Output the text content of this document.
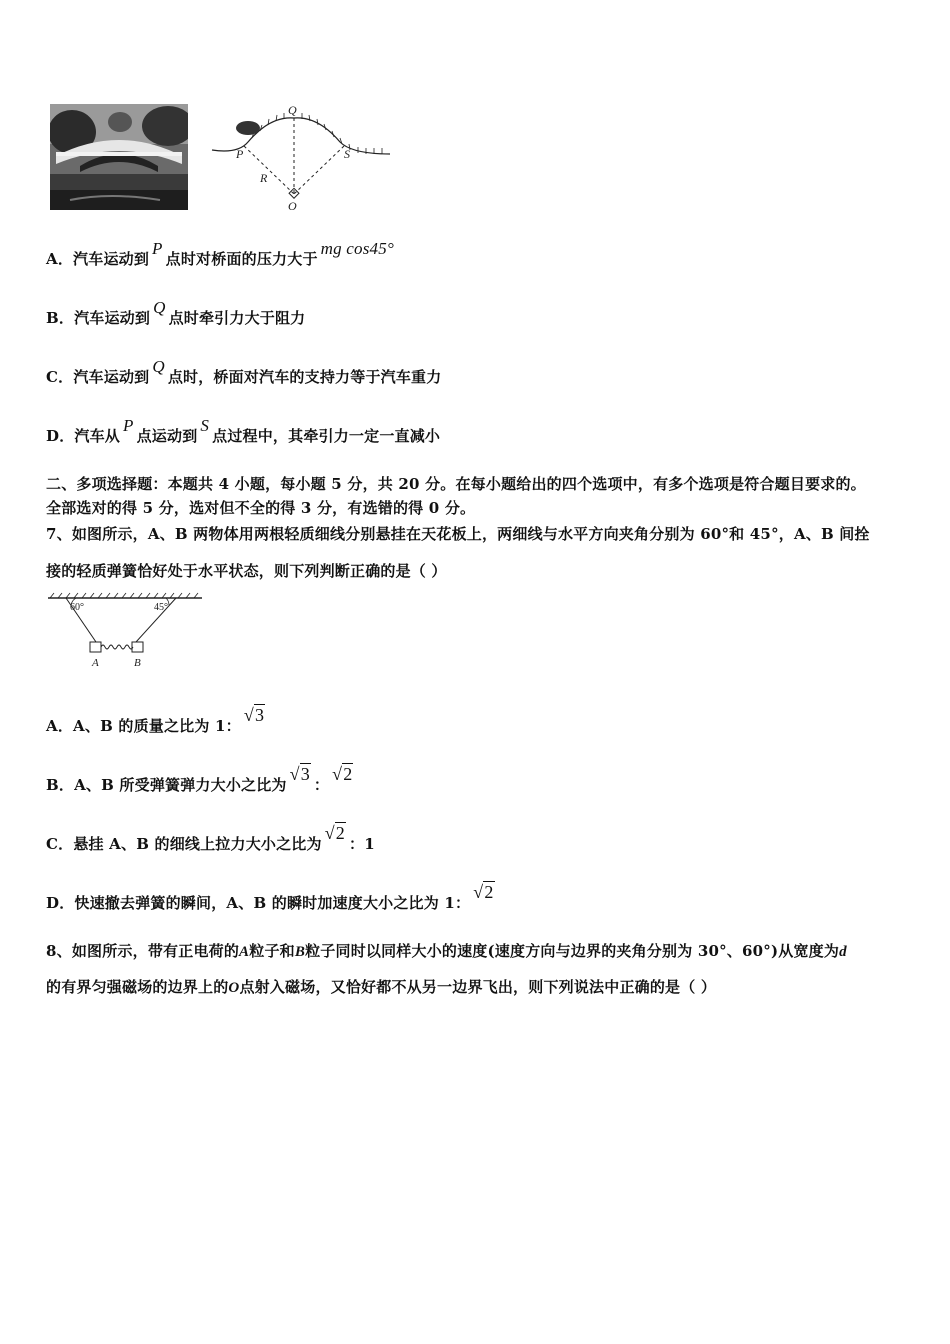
Q
P	S
R
O
A．汽车运动到P点时对桥面的压力大于mg cos45°
B．汽车运动到Q点时牵引力大于阻力
C．汽车运动到Q点时，桥面对汽车的支持力等于汽车重力
D．汽车从P点运动到S点过程中，其牵引力一定一直减小
二、多项选择题：本题共 4 小题，每小题 5 分，共 20 分。在每小题给出的四个选项中，有多个选项是符合题目要求的。
全部选对的得 5 分，选对但不全的得 3 分，有选错的得 0 分。
7、如图所示，A、B 两物体用两根轻质细线分别悬挂在天花板上，两细线与水平方向夹角分别为 60°和 45°，A、B 间拴
接的轻质弹簧恰好处于水平状态，则下列判断正确的是（ ）
60°	45°
A	B
A．A、B 的质量之比为 1：√3
B．A、B 所受弹簧弹力大小之比为√3：√2
C．悬挂 A、B 的细线上拉力大小之比为√2：1
D．快速撤去弹簧的瞬间，A、B 的瞬时加速度大小之比为 1：√2
8、如图所示，带有正电荷的A粒子和B粒子同时以同样大小的速度(速度方向与边界的夹角分别为 30°、60°)从宽度为d
的有界匀强磁场的边界上的O点射入磁场，又恰好都不从另一边界飞出，则下列说法中正确的是（ ）
